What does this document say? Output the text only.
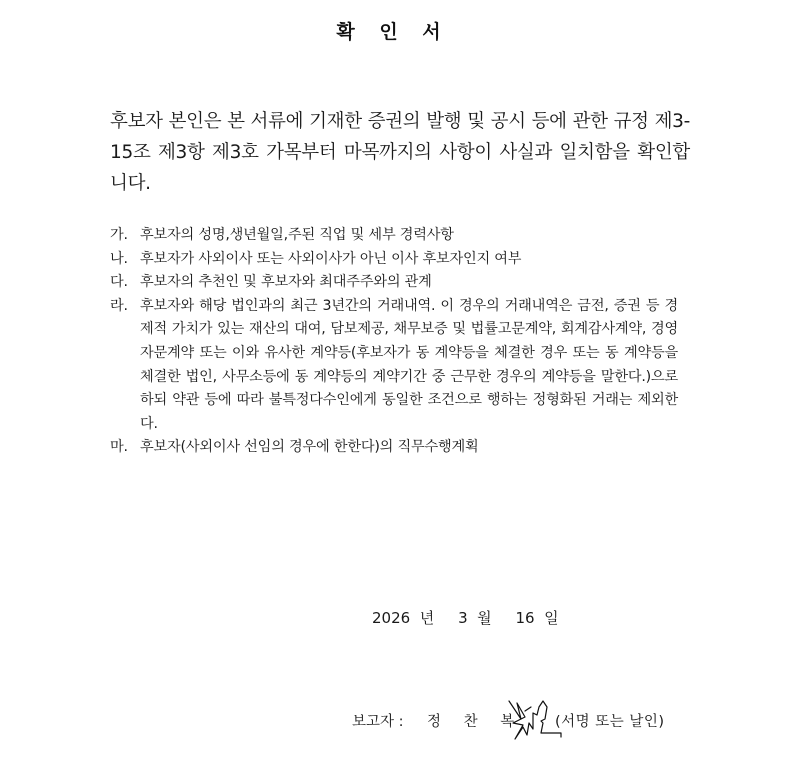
확 인 서
후보자 본인은 본 서류에 기재한 증권의 발행 및 공시 등에 관한 규정 제3-15조 제3항 제3호 가목부터 마목까지의 사항이 사실과 일치함을 확인합니다.
가. 후보자의 성명,생년월일,주된 직업 및 세부 경력사항
나. 후보자가 사외이사 또는 사외이사가 아닌 이사 후보자인지 여부
다. 후보자의 추천인 및 후보자와 최대주주와의 관계
라. 후보자와 해당 법인과의 최근 3년간의 거래내역. 이 경우의 거래내역은 금전, 증권 등 경제적 가치가 있는 재산의 대여, 담보제공, 채무보증 및 법률고문계약, 회계감사계약, 경영자문계약 또는 이와 유사한 계약등(후보자가 동 계약등을 체결한 경우 또는 동 계약등을 체결한 법인, 사무소등에 동 계약등의 계약기간 중 근무한 경우의 계약등을 말한다.)으로 하되 약관 등에 따라 불특정다수인에게 동일한 조건으로 행하는 정형화된 거래는 제외한다.
마. 후보자(사외이사 선임의 경우에 한한다)의 직무수행계획
2026 년 3 월 16 일
보고자 : 정 찬 복 (서명 또는 날인)
